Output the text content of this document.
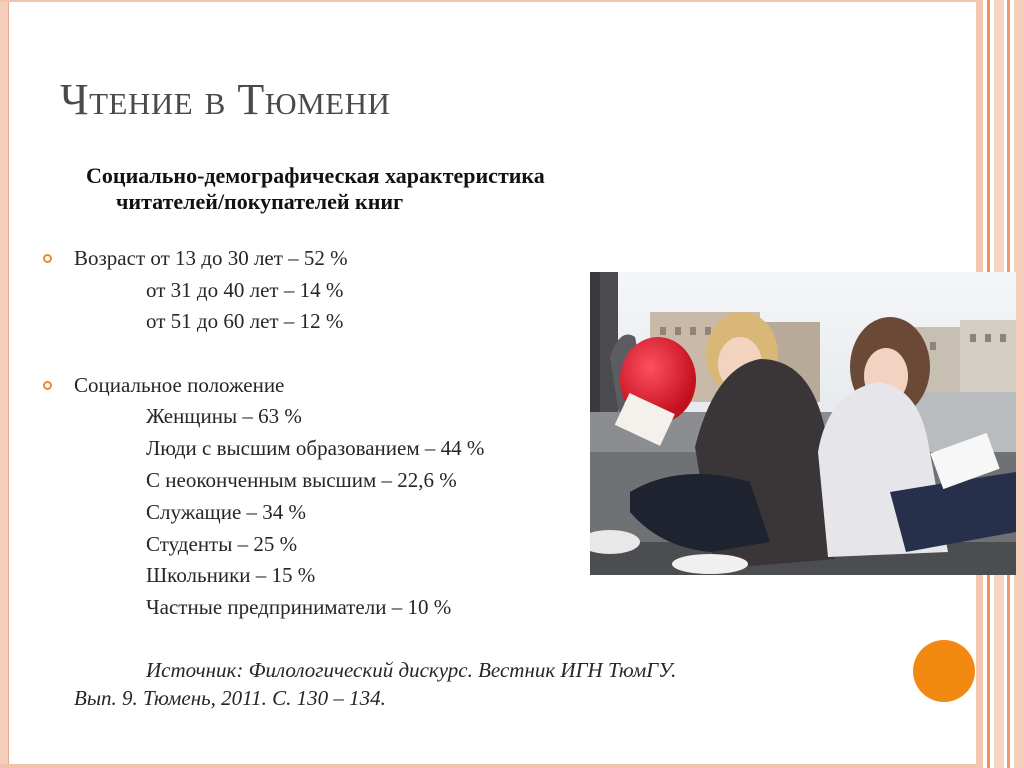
Чтение в Тюмени
Социально-демографическая характеристика
читателей/покупателей книг
Возраст от 13 до 30 лет – 52 %
от 31 до 40 лет – 14 %
от 51 до 60 лет – 12 %
Социальное положение
Женщины – 63 %
Люди с высшим образованием – 44 %
С неоконченным высшим – 22,6 %
Служащие – 34 %
Студенты – 25 %
Школьники – 15 %
Частные предприниматели – 10 %
Источник: Филологический дискурс. Вестник ИГН ТюмГУ.
Вып. 9. Тюмень, 2011. С. 130 – 134.
